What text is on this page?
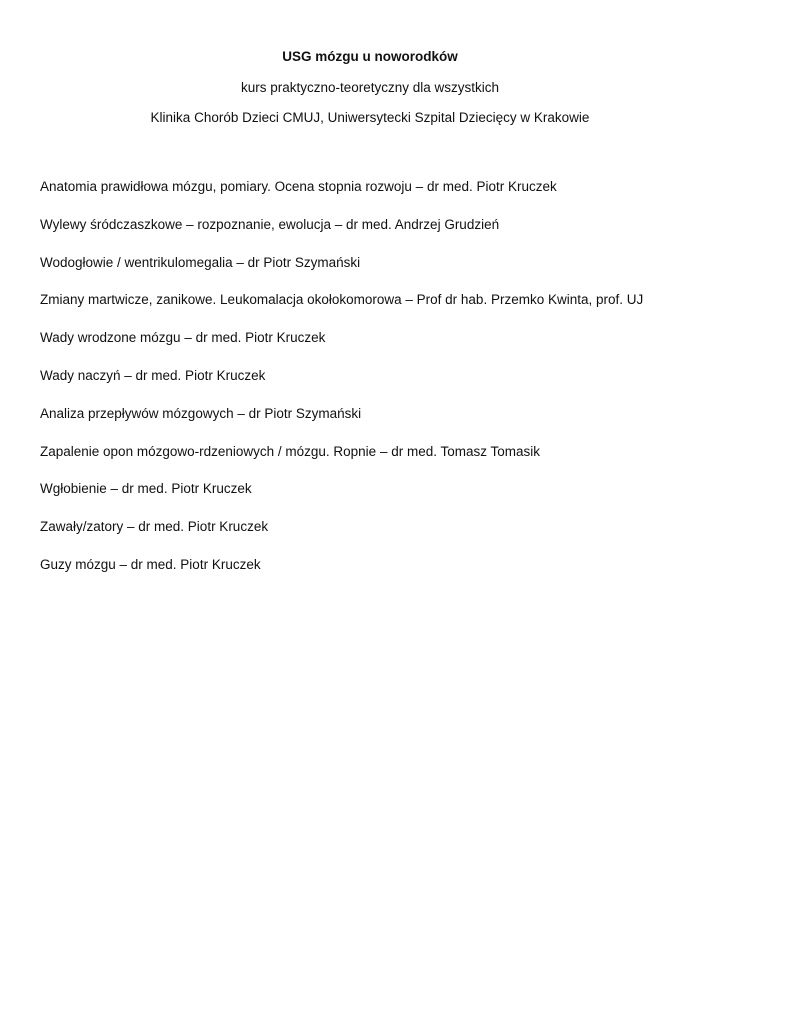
USG mózgu u noworodków

kurs praktyczno-teoretyczny dla wszystkich

Klinika Chorób Dzieci CMUJ, Uniwersytecki Szpital Dziecięcy w Krakowie

Anatomia prawidłowa mózgu, pomiary. Ocena stopnia rozwoju – dr med. Piotr Kruczek
Wylewy śródczaszkowe – rozpoznanie, ewolucja – dr med. Andrzej Grudzień
Wodogłowie / wentrikulomegalia – dr Piotr Szymański
Zmiany martwicze, zanikowe. Leukomalacja okołokomorowa – Prof dr hab. Przemko Kwinta, prof. UJ
Wady wrodzone mózgu – dr med. Piotr Kruczek
Wady naczyń – dr med. Piotr Kruczek
Analiza przepływów mózgowych – dr Piotr Szymański
Zapalenie opon mózgowo-rdzeniowych / mózgu. Ropnie – dr med. Tomasz Tomasik
Wgłobienie – dr med. Piotr Kruczek
Zawały/zatory – dr med. Piotr Kruczek
Guzy mózgu – dr med. Piotr Kruczek
